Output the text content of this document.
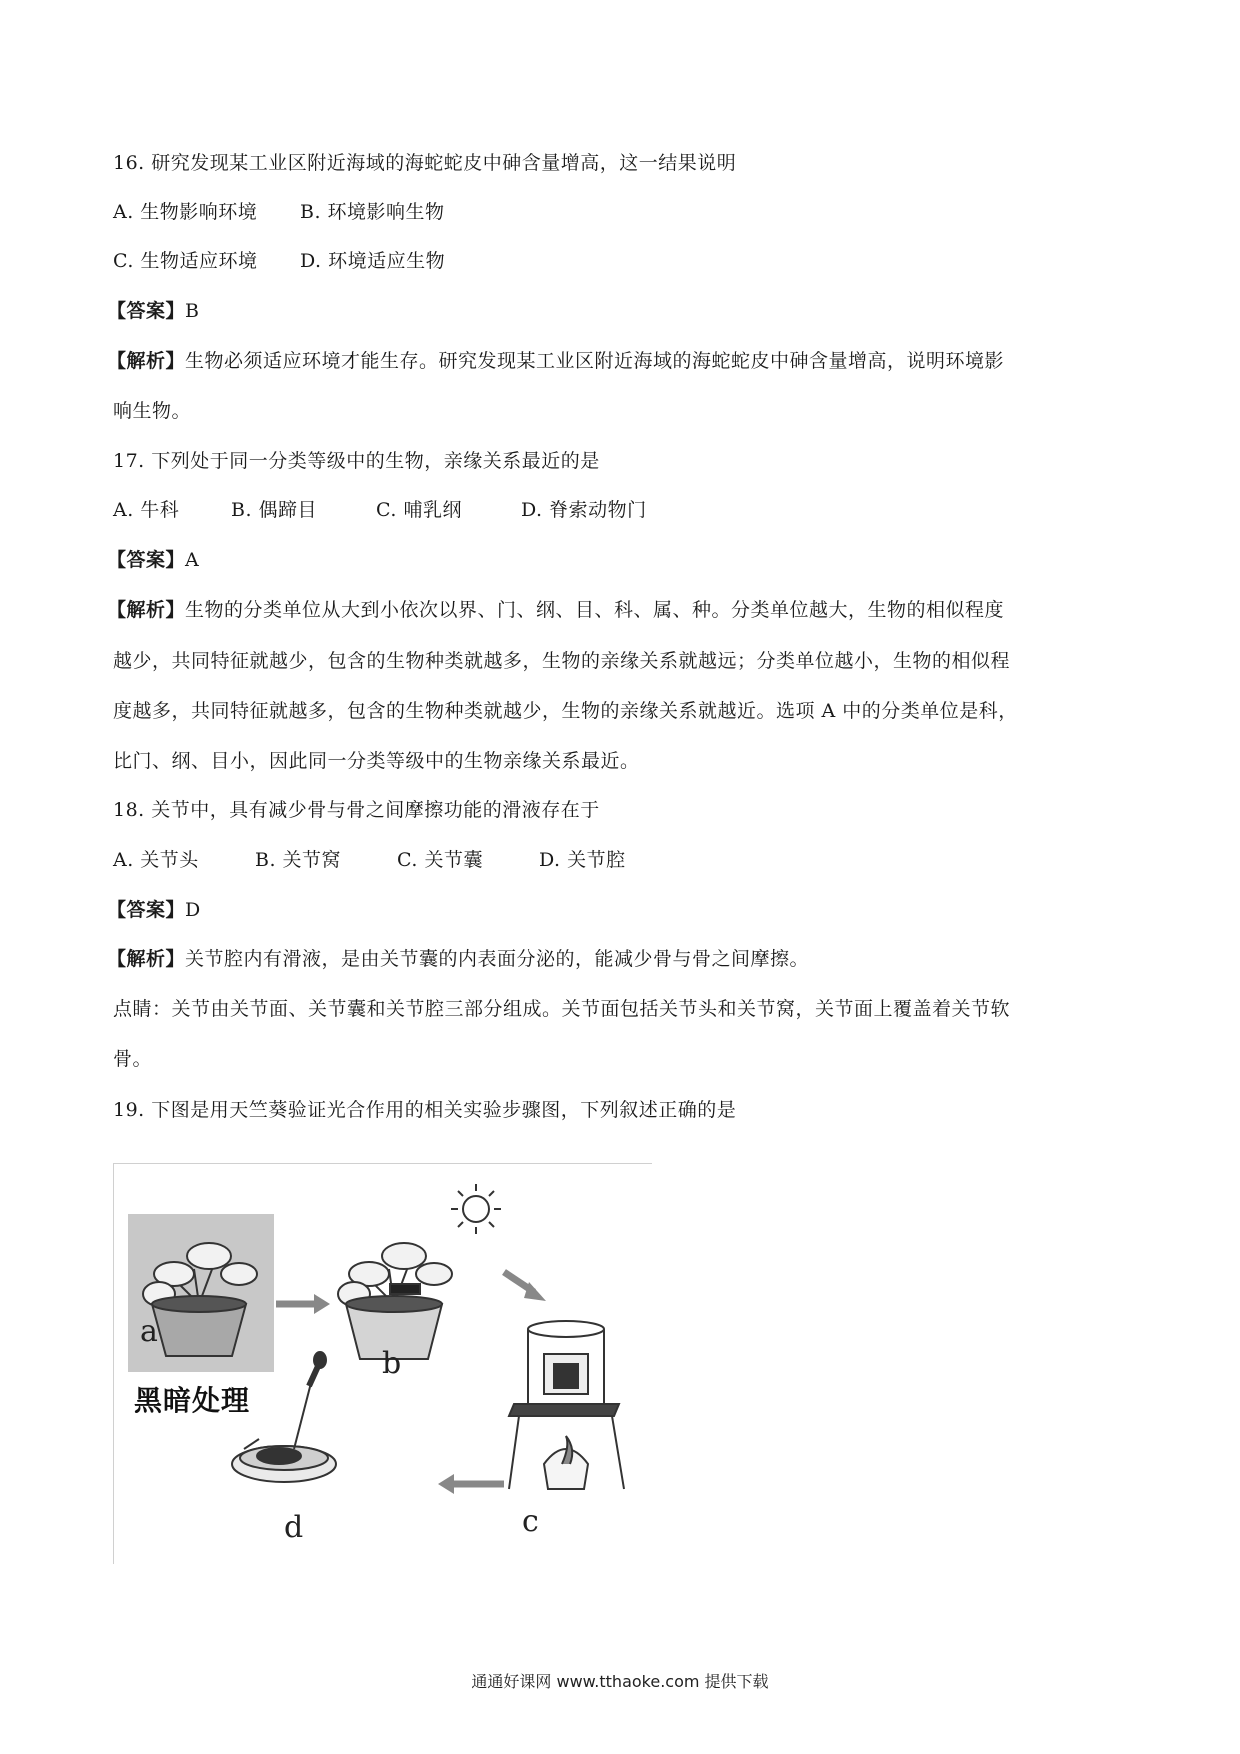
16. 研究发现某工业区附近海域的海蛇蛇皮中砷含量增高，这一结果说明
A. 生物影响环境 B. 环境影响生物
C. 生物适应环境 D. 环境适应生物
【答案】B
【解析】生物必须适应环境才能生存。研究发现某工业区附近海域的海蛇蛇皮中砷含量增高，说明环境影
响生物。
17. 下列处于同一分类等级中的生物，亲缘关系最近的是
A. 牛科	B. 偶蹄目	C. 哺乳纲	D. 脊索动物门
【答案】A
【解析】生物的分类单位从大到小依次以界、门、纲、目、科、属、种。分类单位越大，生物的相似程度
越少，共同特征就越少，包含的生物种类就越多，生物的亲缘关系就越远；分类单位越小，生物的相似程
度越多，共同特征就越多，包含的生物种类就越少，生物的亲缘关系就越近。选项 A 中的分类单位是科，
比门、纲、目小，因此同一分类等级中的生物亲缘关系最近。
18. 关节中，具有减少骨与骨之间摩擦功能的滑液存在于
A. 关节头	B. 关节窝	C. 关节囊	D. 关节腔
【答案】D
【解析】关节腔内有滑液，是由关节囊的内表面分泌的，能减少骨与骨之间摩擦。
点睛：关节由关节面、关节囊和关节腔三部分组成。关节面包括关节头和关节窝，关节面上覆盖着关节软
骨。
19. 下图是用天竺葵验证光合作用的相关实验步骤图，下列叙述正确的是
a
b
c
d
黑暗处理
通通好课网 www.tthaoke.com 提供下载
